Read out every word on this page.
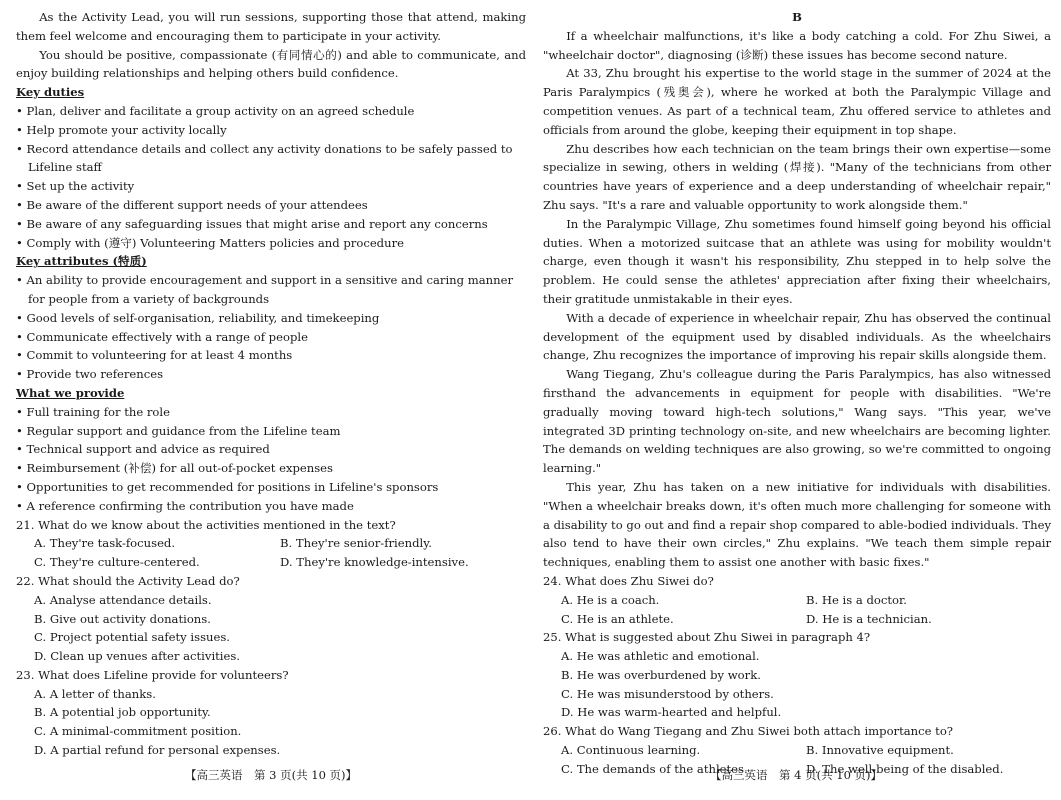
As the Activity Lead, you will run sessions, supporting those that attend, making them feel welcome and encouraging them to participate in your activity.

You should be positive, compassionate (有同情心的) and able to communicate, and enjoy building relationships and helping others build confidence.

Key duties
• Plan, deliver and facilitate a group activity on an agreed schedule
• Help promote your activity locally
• Record attendance details and collect any activity donations to be safely passed to Lifeline staff
• Set up the activity
• Be aware of the different support needs of your attendees
• Be aware of any safeguarding issues that might arise and report any concerns
• Comply with (遵守) Volunteering Matters policies and procedure
Key attributes (特质)
• An ability to provide encouragement and support in a sensitive and caring manner for people from a variety of backgrounds
• Good levels of self-organisation, reliability, and timekeeping
• Communicate effectively with a range of people
• Commit to volunteering for at least 4 months
• Provide two references
What we provide
• Full training for the role
• Regular support and guidance from the Lifeline team
• Technical support and advice as required
• Reimbursement (补偿) for all out-of-pocket expenses
• Opportunities to get recommended for positions in Lifeline's sponsors
• A reference confirming the contribution you have made
21. What do we know about the activities mentioned in the text?
A. They're task-focused.	B. They're senior-friendly.
C. They're culture-centered.	D. They're knowledge-intensive.
22. What should the Activity Lead do?
A. Analyse attendance details.
B. Give out activity donations.
C. Project potential safety issues.
D. Clean up venues after activities.
23. What does Lifeline provide for volunteers?
A. A letter of thanks.
B. A potential job opportunity.
C. A minimal-commitment position.
D. A partial refund for personal expenses.
B

If a wheelchair malfunctions, it's like a body catching a cold. For Zhu Siwei, a "wheelchair doctor", diagnosing (诊断) these issues has become second nature.

At 33, Zhu brought his expertise to the world stage in the summer of 2024 at the Paris Paralympics (残奥会), where he worked at both the Paralympic Village and competition venues. As part of a technical team, Zhu offered service to athletes and officials from around the globe, keeping their equipment in top shape.

Zhu describes how each technician on the team brings their own expertise—some specialize in sewing, others in welding (焊接). "Many of the technicians from other countries have years of experience and a deep understanding of wheelchair repair," Zhu says. "It's a rare and valuable opportunity to work alongside them."

In the Paralympic Village, Zhu sometimes found himself going beyond his official duties. When a motorized suitcase that an athlete was using for mobility wouldn't charge, even though it wasn't his responsibility, Zhu stepped in to help solve the problem. He could sense the athletes' appreciation after fixing their wheelchairs, their gratitude unmistakable in their eyes.

With a decade of experience in wheelchair repair, Zhu has observed the continual development of the equipment used by disabled individuals. As the wheelchairs change, Zhu recognizes the importance of improving his repair skills alongside them.

Wang Tiegang, Zhu's colleague during the Paris Paralympics, has also witnessed firsthand the advancements in equipment for people with disabilities. "We're gradually moving toward high-tech solutions," Wang says. "This year, we've integrated 3D printing technology on-site, and new wheelchairs are becoming lighter. The demands on welding techniques are also growing, so we're committed to ongoing learning."

This year, Zhu has taken on a new initiative for individuals with disabilities. "When a wheelchair breaks down, it's often much more challenging for someone with a disability to go out and find a repair shop compared to able-bodied individuals. They also tend to have their own circles," Zhu explains. "We teach them simple repair techniques, enabling them to assist one another with basic fixes."

24. What does Zhu Siwei do?
A. He is a coach.	B. He is a doctor.
C. He is an athlete.	D. He is a technician.
25. What is suggested about Zhu Siwei in paragraph 4?
A. He was athletic and emotional.
B. He was overburdened by work.
C. He was misunderstood by others.
D. He was warm-hearted and helpful.
26. What do Wang Tiegang and Zhu Siwei both attach importance to?
A. Continuous learning.	B. Innovative equipment.
C. The demands of the athletes.	D. The well-being of the disabled.
【高三英语　第 3 页(共 10 页)】	【高三英语　第 4 页(共 10 页)】
